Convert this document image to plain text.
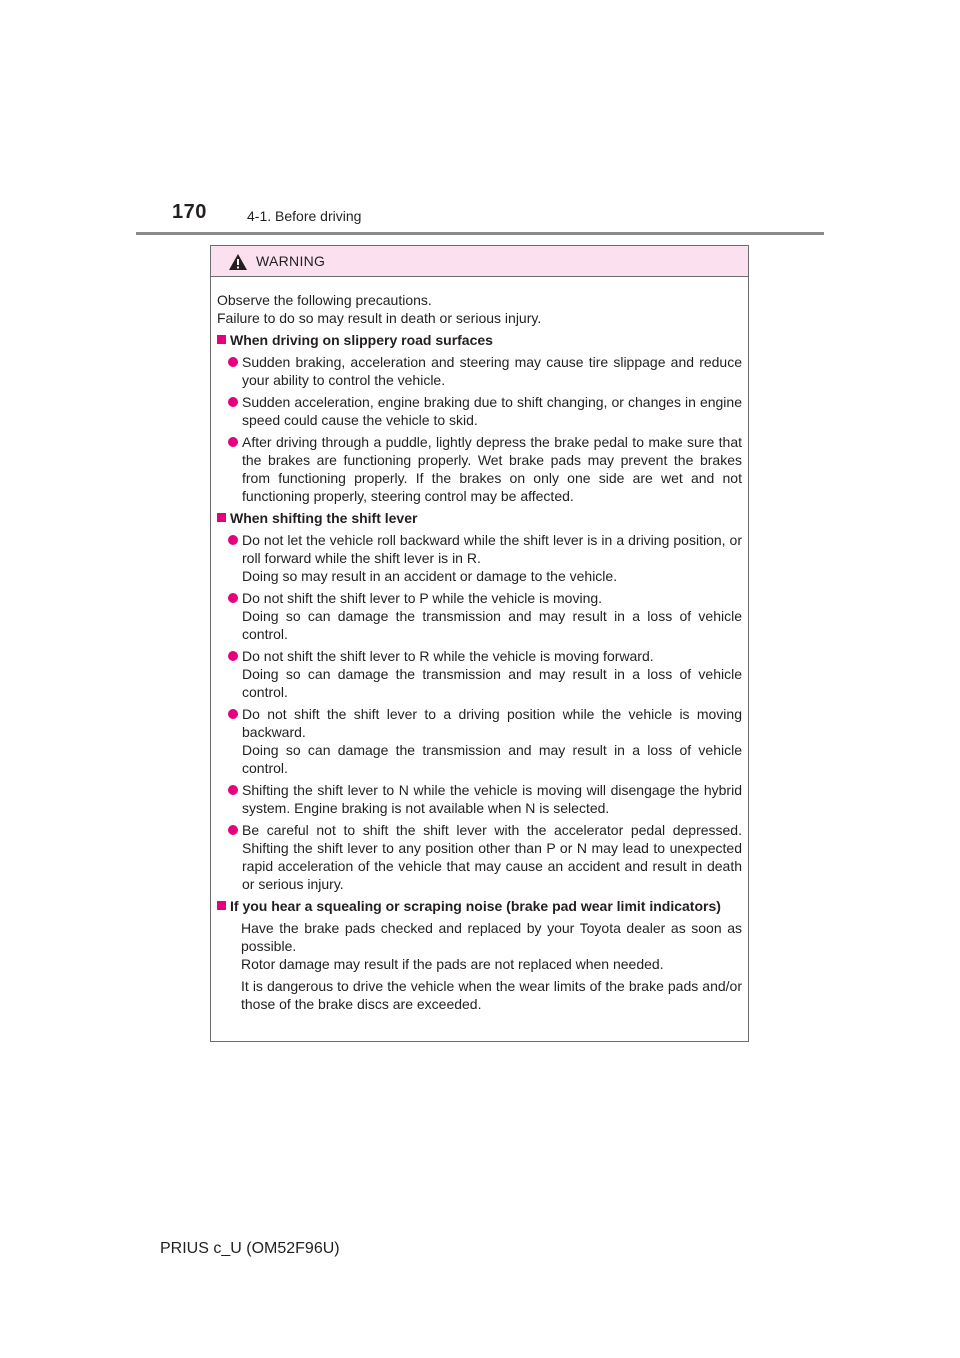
170	4-1. Before driving
WARNING

Observe the following precautions.

Failure to do so may result in death or serious injury.

When driving on slippery road surfaces

Sudden braking, acceleration and steering may cause tire slippage and reduce your ability to control the vehicle.

Sudden acceleration, engine braking due to shift changing, or changes in engine speed could cause the vehicle to skid.

After driving through a puddle, lightly depress the brake pedal to make sure that the brakes are functioning properly. Wet brake pads may prevent the brakes from functioning properly. If the brakes on only one side are wet and not functioning properly, steering control may be affected.

When shifting the shift lever

Do not let the vehicle roll backward while the shift lever is in a driving position, or roll forward while the shift lever is in R.

Doing so may result in an accident or damage to the vehicle.

Do not shift the shift lever to P while the vehicle is moving.

Doing so can damage the transmission and may result in a loss of vehicle control.

Do not shift the shift lever to R while the vehicle is moving forward.

Doing so can damage the transmission and may result in a loss of vehicle control.

Do not shift the shift lever to a driving position while the vehicle is moving backward.

Doing so can damage the transmission and may result in a loss of vehicle control.

Shifting the shift lever to N while the vehicle is moving will disengage the hybrid system. Engine braking is not available when N is selected.

Be careful not to shift the shift lever with the accelerator pedal depressed. Shifting the shift lever to any position other than P or N may lead to unexpected rapid acceleration of the vehicle that may cause an accident and result in death or serious injury.

If you hear a squealing or scraping noise (brake pad wear limit indicators)

Have the brake pads checked and replaced by your Toyota dealer as soon as possible.

Rotor damage may result if the pads are not replaced when needed.

It is dangerous to drive the vehicle when the wear limits of the brake pads and/or those of the brake discs are exceeded.

PRIUS c_U (OM52F96U)
